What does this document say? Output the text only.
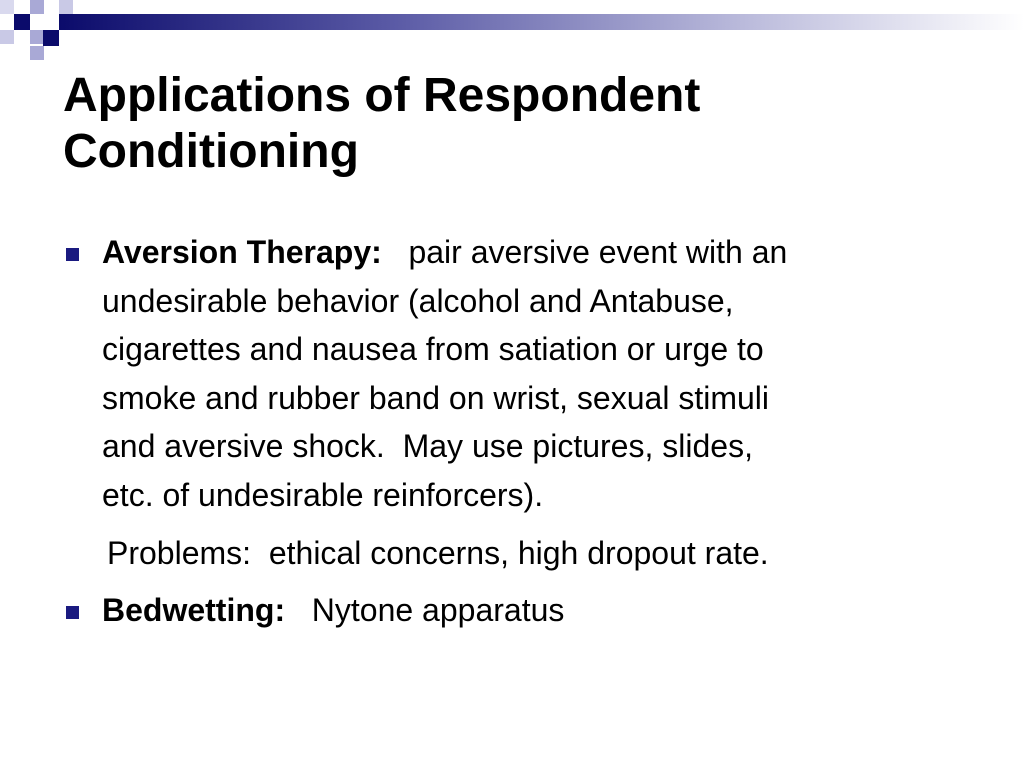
Applications of Respondent
Conditioning
Aversion Therapy: pair aversive event with an
undesirable behavior (alcohol and Antabuse,
cigarettes and nausea from satiation or urge to
smoke and rubber band on wrist, sexual stimuli
and aversive shock.  May use pictures, slides,
etc. of undesirable reinforcers).
Problems:  ethical concerns, high dropout rate.
Bedwetting: Nytone apparatus
